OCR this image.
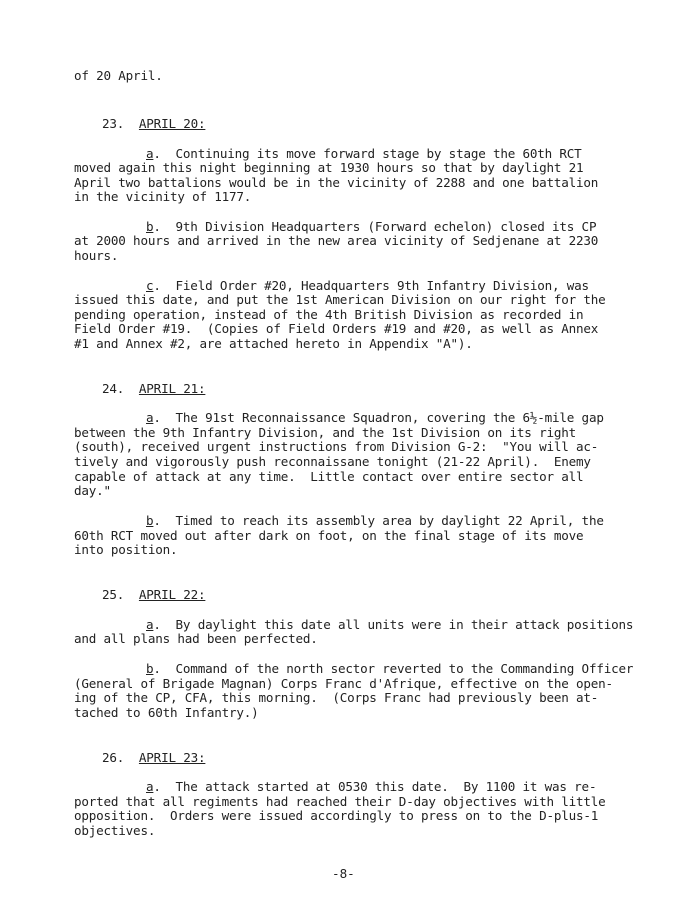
of 20 April.
23. APRIL 20:
a.  Continuing its move forward stage by stage the 60th RCT
moved again this night beginning at 1930 hours so that by daylight 21
April two battalions would be in the vicinity of 2288 and one battalion
in the vicinity of 1177.
b.  9th Division Headquarters (Forward echelon) closed its CP
at 2000 hours and arrived in the new area vicinity of Sedjenane at 2230
hours.
c.  Field Order #20, Headquarters 9th Infantry Division, was
issued this date, and put the 1st American Division on our right for the
pending operation, instead of the 4th British Division as recorded in
Field Order #19.  (Copies of Field Orders #19 and #20, as well as Annex
#1 and Annex #2, are attached hereto in Appendix "A").
24. APRIL 21:
a.  The 91st Reconnaissance Squadron, covering the 6½-mile gap
between the 9th Infantry Division, and the 1st Division on its right
(south), received urgent instructions from Division G-2:  "You will ac-
tively and vigorously push reconnaissane tonight (21-22 April).  Enemy
capable of attack at any time.  Little contact over entire sector all
day."
b.  Timed to reach its assembly area by daylight 22 April, the
60th RCT moved out after dark on foot, on the final stage of its move
into position.
25. APRIL 22:
a.  By daylight this date all units were in their attack positions
and all plans had been perfected.
b.  Command of the north sector reverted to the Commanding Officer
(General of Brigade Magnan) Corps Franc d'Afrique, effective on the open-
ing of the CP, CFA, this morning.  (Corps Franc had previously been at-
tached to 60th Infantry.)
26. APRIL 23:
a.  The attack started at 0530 this date.  By 1100 it was re-
ported that all regiments had reached their D-day objectives with little
opposition.  Orders were issued accordingly to press on to the D-plus-1
objectives.
-8-
